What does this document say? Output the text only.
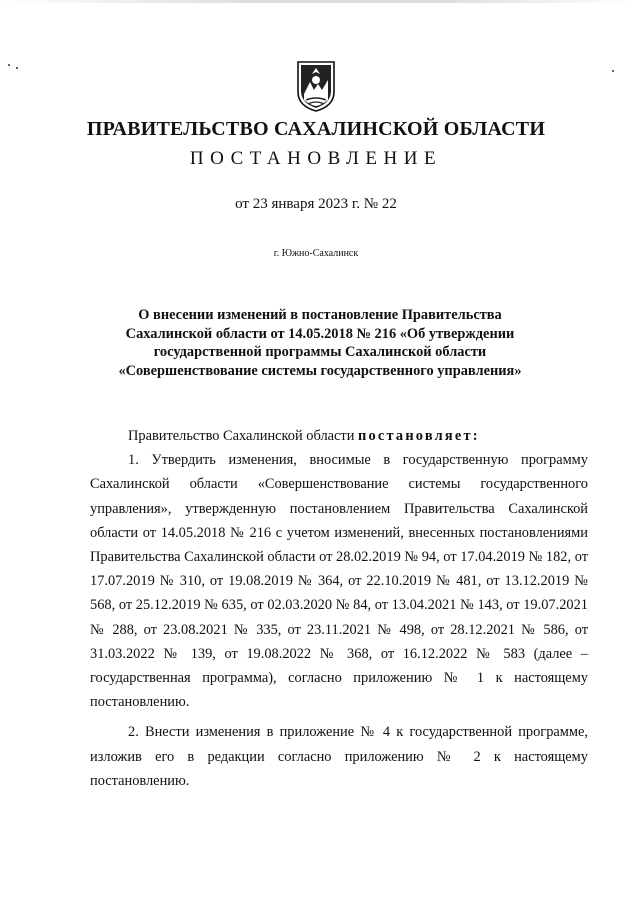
ПРАВИТЕЛЬСТВО САХАЛИНСКОЙ ОБЛАСТИ
ПОСТАНОВЛЕНИЕ
от 23 января 2023 г. № 22
г. Южно-Сахалинск
О внесении изменений в постановление Правительства Сахалинской области от 14.05.2018 № 216 «Об утверждении государственной программы Сахалинской области «Совершенствование системы государственного управления»

Правительство Сахалинской области постановляет:

1. Утвердить изменения, вносимые в государственную программу Сахалинской области «Совершенствование системы государственного управления», утвержденную постановлением Правительства Сахалинской области от 14.05.2018 № 216 с учетом изменений, внесенных постановлениями Правительства Сахалинской области от 28.02.2019 № 94, от 17.04.2019 № 182, от 17.07.2019 № 310, от 19.08.2019 № 364, от 22.10.2019 № 481, от 13.12.2019 № 568, от 25.12.2019 № 635, от 02.03.2020 № 84, от 13.04.2021 № 143, от 19.07.2021 № 288, от 23.08.2021 № 335, от 23.11.2021 № 498, от 28.12.2021 № 586, от 31.03.2022 № 139, от 19.08.2022 № 368, от 16.12.2022 № 583 (далее – государственная программа), согласно приложению № 1 к настоящему постановлению.

2. Внести изменения в приложение № 4 к государственной программе, изложив его в редакции согласно приложению № 2 к настоящему постановлению.
